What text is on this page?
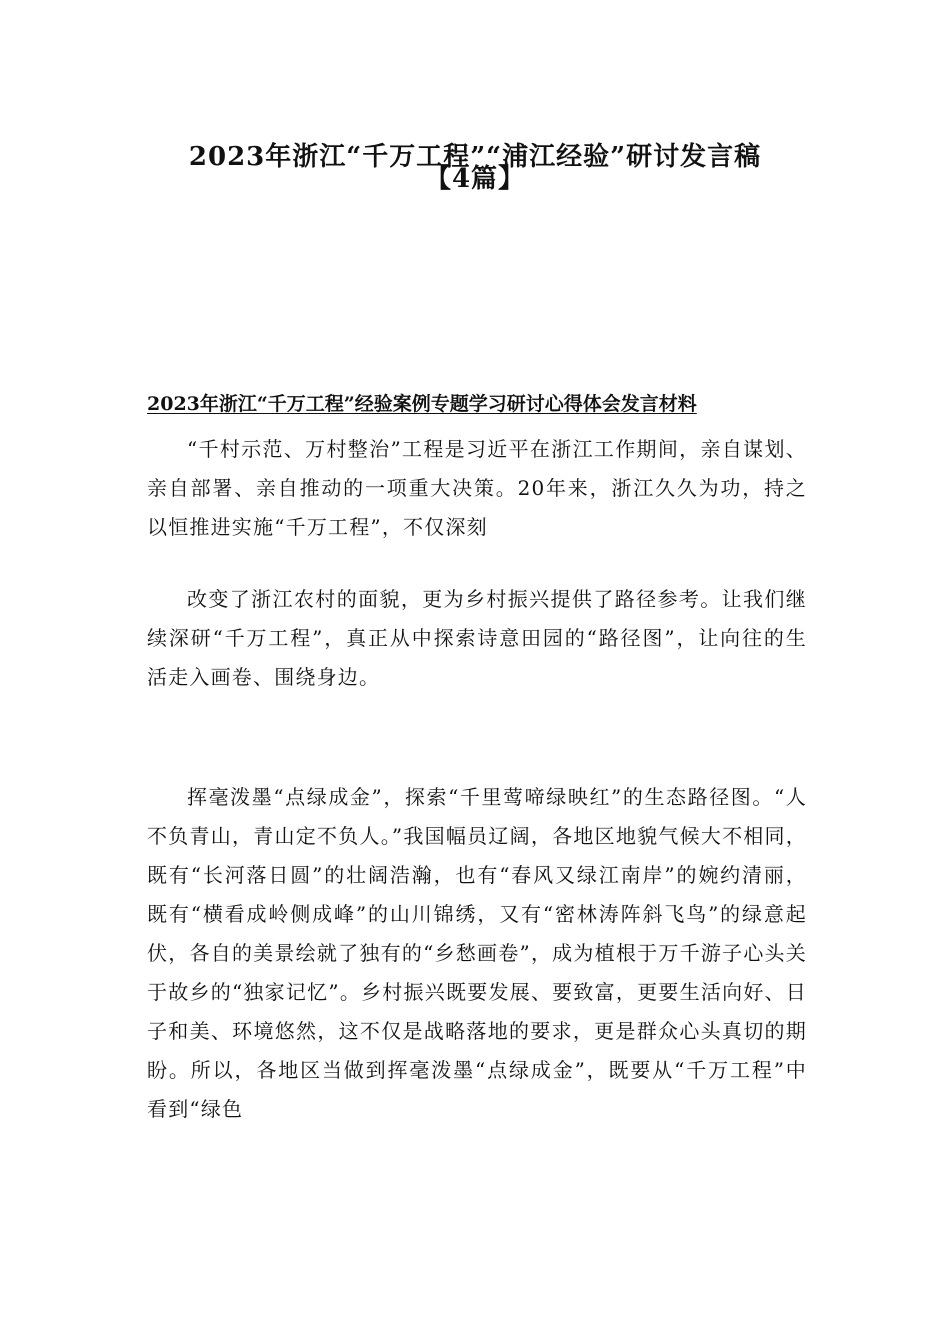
2023年浙江“千万工程”“浦江经验”研讨发言稿
【4篇】
2023年浙江“千万工程”经验案例专题学习研讨心得体会发言材料

“千村示范、万村整治”工程是习近平在浙江工作期间，亲自谋划、亲自部署、亲自推动的一项重大决策。20年来，浙江久久为功，持之以恒推进实施“千万工程”，不仅深刻

改变了浙江农村的面貌，更为乡村振兴提供了路径参考。让我们继续深研“千万工程”，真正从中探索诗意田园的“路径图”，让向往的生活走入画卷、围绕身边。

挥毫泼墨“点绿成金”，探索“千里莺啼绿映红”的生态路径图。“人不负青山，青山定不负人。”我国幅员辽阔，各地区地貌气候大不相同，既有“长河落日圆”的壮阔浩瀚，也有“春风又绿江南岸”的婉约清丽，既有“横看成岭侧成峰”的山川锦绣，又有“密林涛阵斜飞鸟”的绿意起伏，各自的美景绘就了独有的“乡愁画卷”，成为植根于万千游子心头关于故乡的“独家记忆”。乡村振兴既要发展、要致富，更要生活向好、日子和美、环境悠然，这不仅是战略落地的要求，更是群众心头真切的期盼。所以，各地区当做到挥毫泼墨“点绿成金”，既要从“千万工程”中看到“绿色
